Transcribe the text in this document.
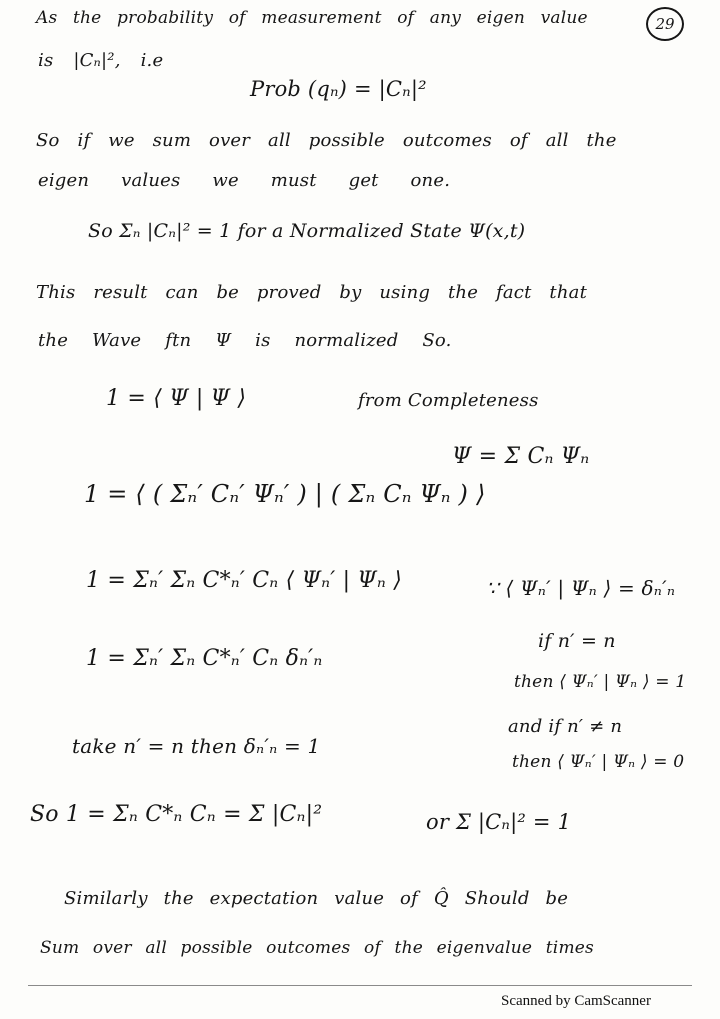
29

As the probability of measurement of any eigen value

is |Cₙ|², i.e

Prob (qₙ) = |Cₙ|²

So if we sum over all possible outcomes of all the

eigen values we must get one.

So Σₙ |Cₙ|² = 1 for a Normalized State Ψ(x,t)

This result can be proved by using the fact that

the Wave ftn Ψ is normalized So.

1 = ⟨ Ψ | Ψ ⟩	from Completeness

Ψ = Σ Cₙ Ψₙ

1 = ⟨ ( Σₙ′ Cₙ′ Ψₙ′ ) | ( Σₙ Cₙ Ψₙ ) ⟩

1 = Σₙ′ Σₙ C*ₙ′ Cₙ ⟨ Ψₙ′ | Ψₙ ⟩	∵ ⟨ Ψₙ′ | Ψₙ ⟩ = δₙ′ₙ

if n′ = n

1 = Σₙ′ Σₙ C*ₙ′ Cₙ δₙ′ₙ

then ⟨ Ψₙ′ | Ψₙ ⟩ = 1

take n′ = n then δₙ′ₙ = 1

and if n′ ≠ n

then ⟨ Ψₙ′ | Ψₙ ⟩ = 0

So 1 = Σₙ C*ₙ Cₙ = Σ |Cₙ|²	or Σ |Cₙ|² = 1

Similarly the expectation value of Q̂ Should be

Sum over all possible outcomes of the eigenvalue times

Scanned by CamScanner
